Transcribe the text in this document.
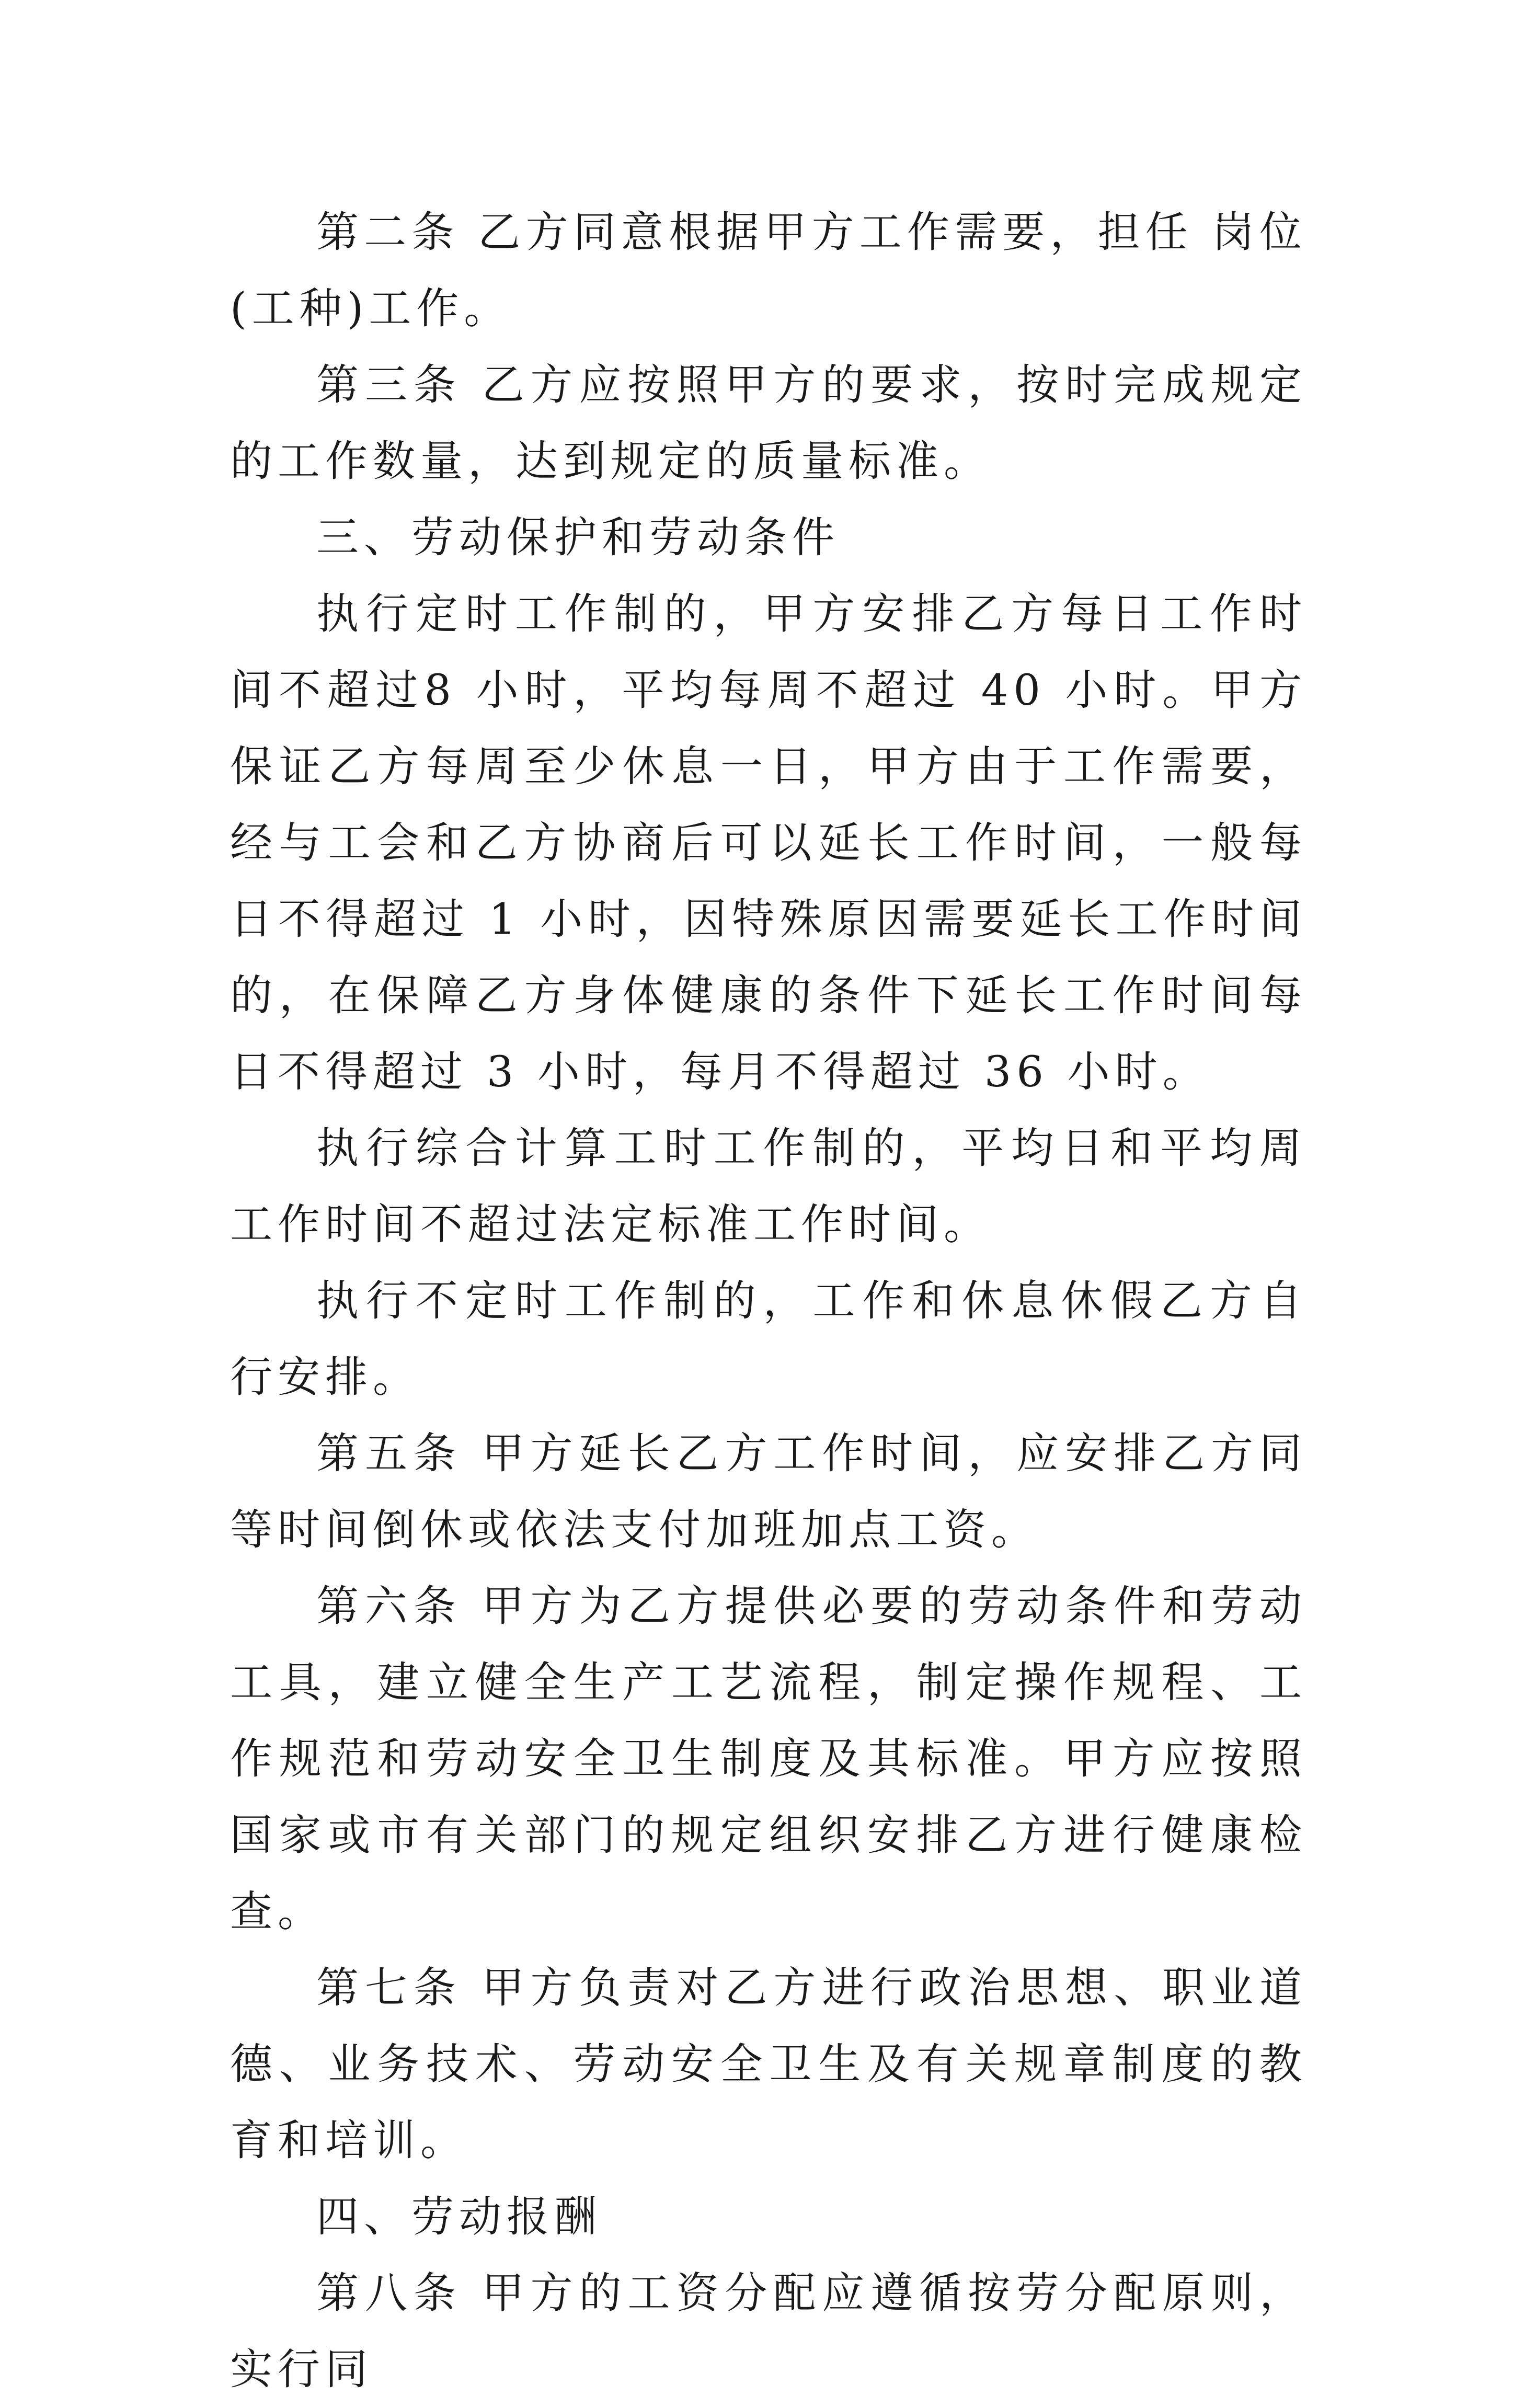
第二条 乙方同意根据甲方工作需要，担任 岗位(工种)工作。

第三条 乙方应按照甲方的要求，按时完成规定的工作数量，达到规定的质量标准。

三、劳动保护和劳动条件

执行定时工作制的，甲方安排乙方每日工作时间不超过8 小时，平均每周不超过 40 小时。甲方保证乙方每周至少休息一日，甲方由于工作需要，经与工会和乙方协商后可以延长工作时间，一般每日不得超过 1 小时，因特殊原因需要延长工作时间的，在保障乙方身体健康的条件下延长工作时间每日不得超过 3 小时，每月不得超过 36 小时。

执行综合计算工时工作制的，平均日和平均周工作时间不超过法定标准工作时间。

执行不定时工作制的，工作和休息休假乙方自行安排。

第五条 甲方延长乙方工作时间，应安排乙方同等时间倒休或依法支付加班加点工资。

第六条 甲方为乙方提供必要的劳动条件和劳动工具，建立健全生产工艺流程，制定操作规程、工作规范和劳动安全卫生制度及其标准。甲方应按照国家或市有关部门的规定组织安排乙方进行健康检查。

第七条 甲方负责对乙方进行政治思想、职业道德、业务技术、劳动安全卫生及有关规章制度的教育和培训。

四、劳动报酬

第八条 甲方的工资分配应遵循按劳分配原则，实行同
